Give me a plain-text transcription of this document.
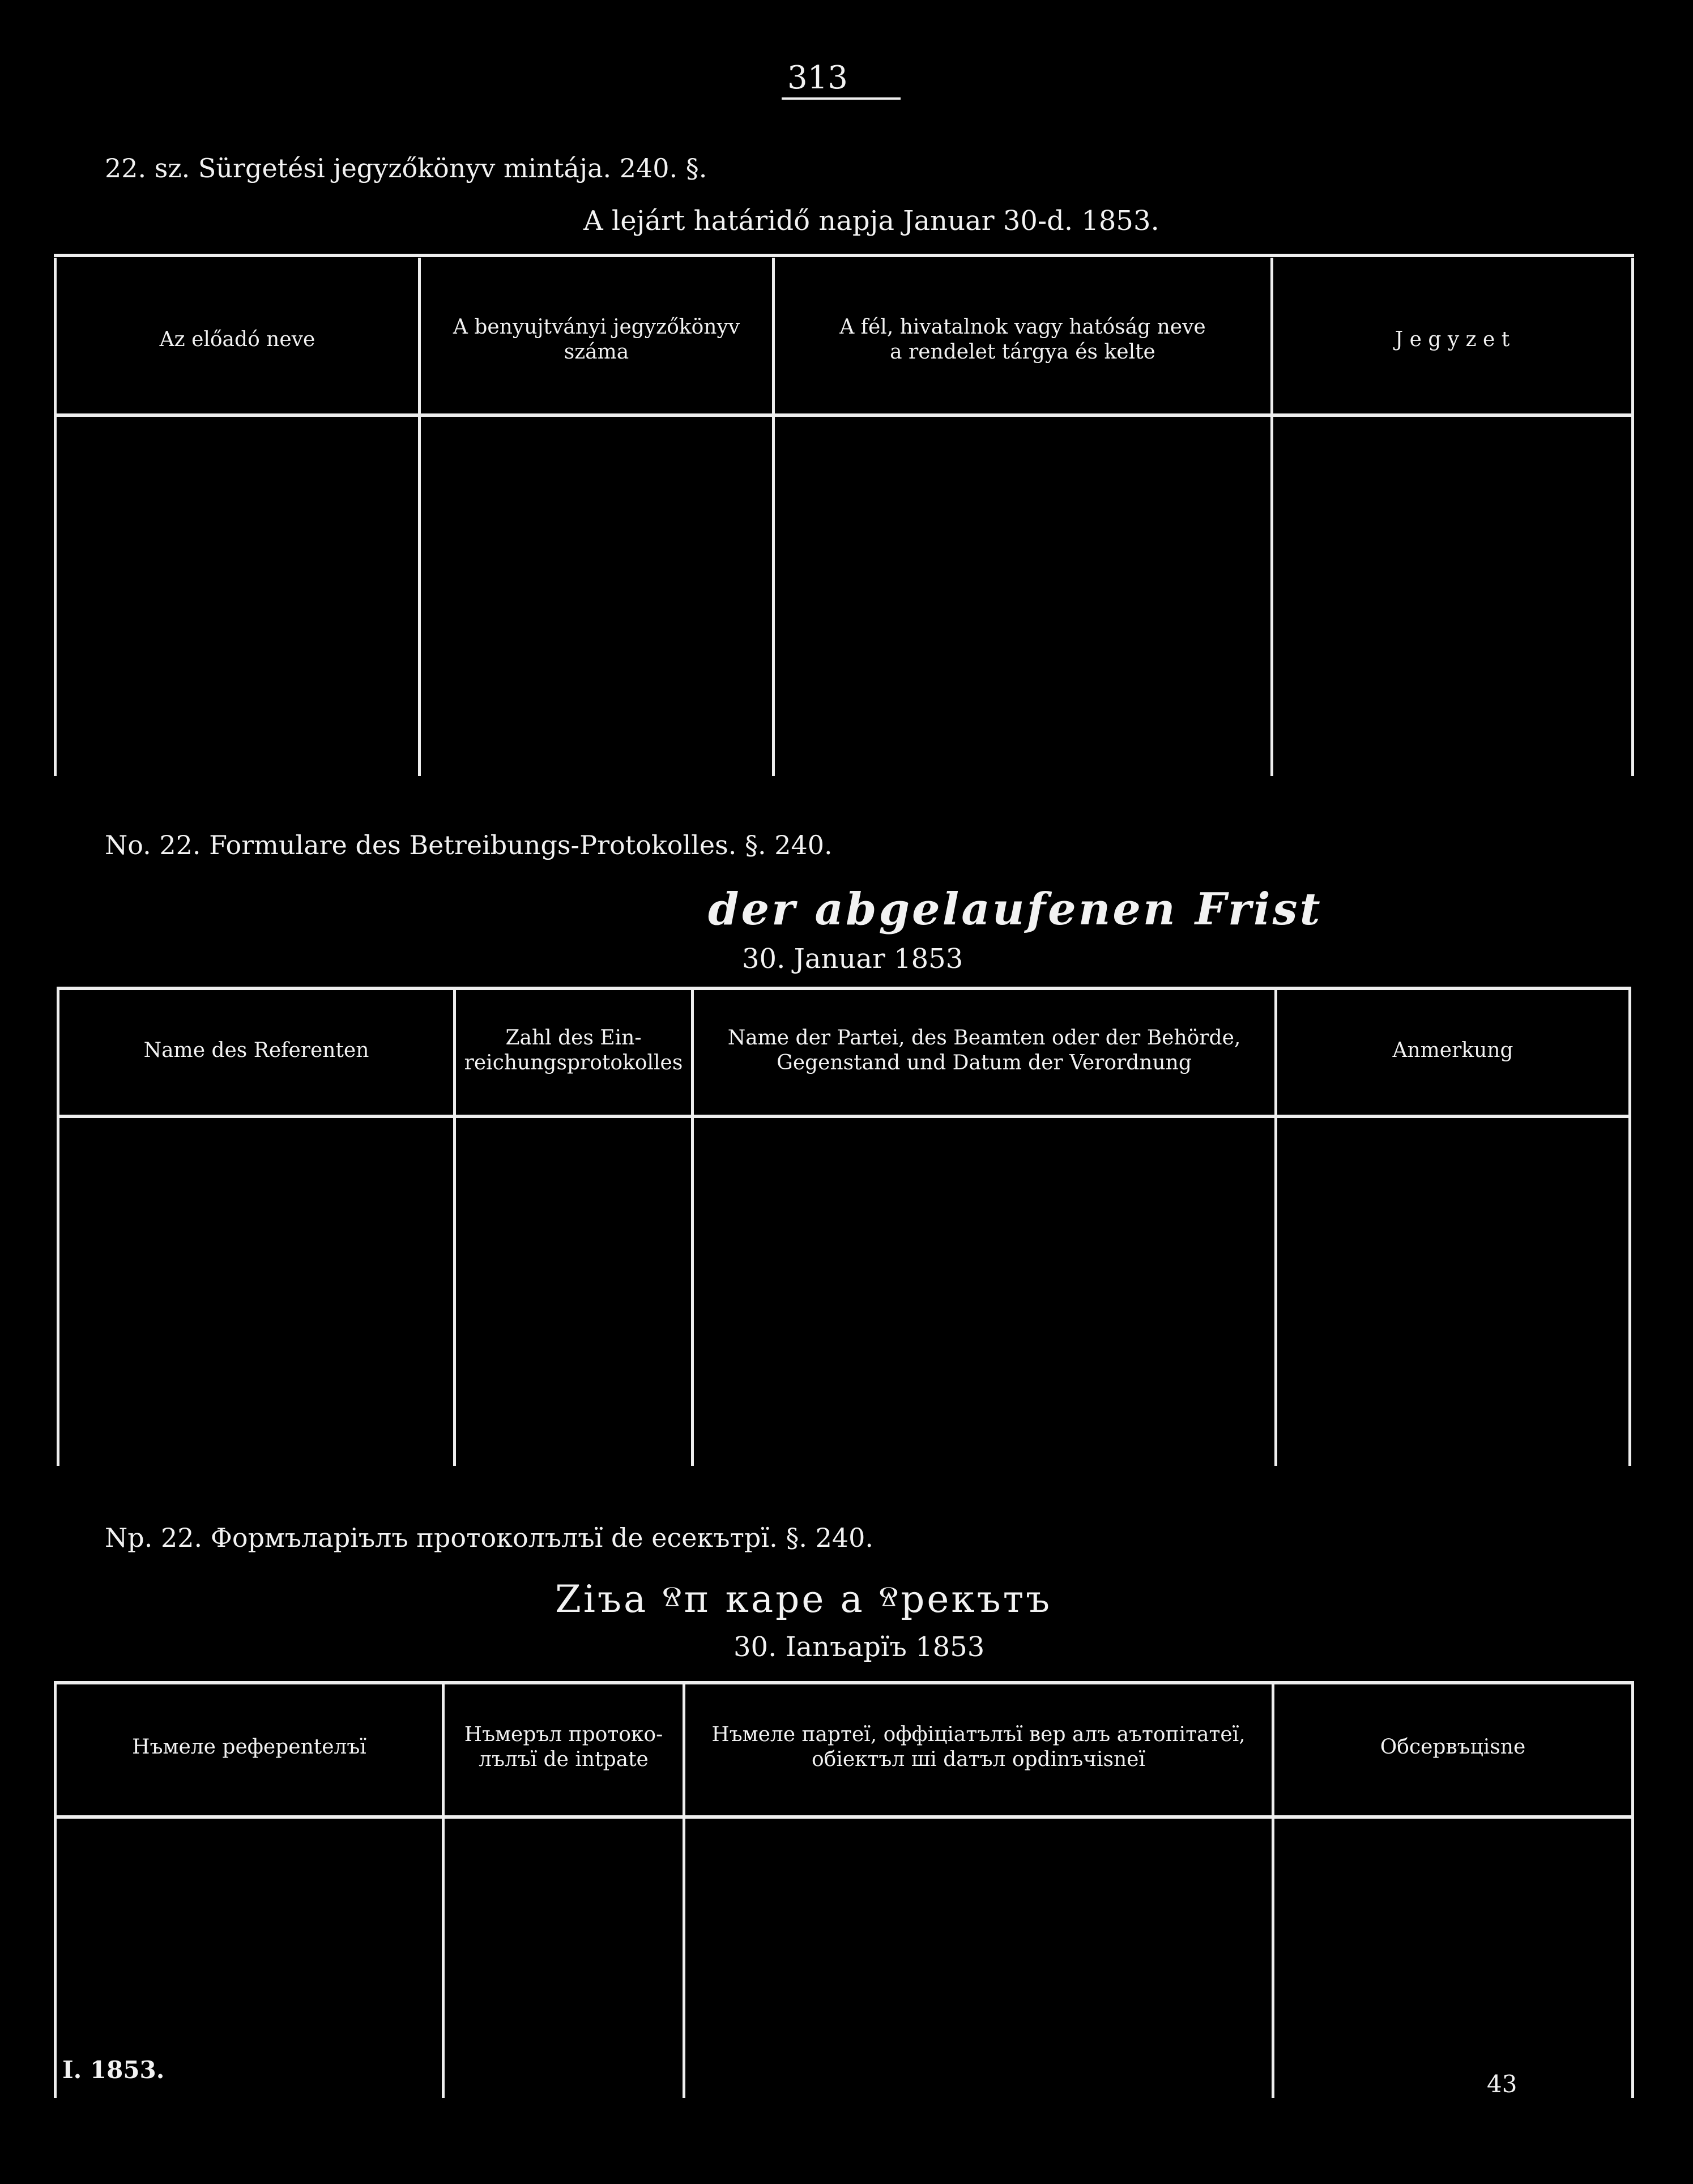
313
22. sz. Sürgetési jegyzőkönyv mintája. 240. §.
A lejárt határidő napja Januar 30-d. 1853.
Az előadó neve
A benyujtványi jegyzőkönyv
száma
A fél, hivatalnok vagy hatóság neve
a rendelet tárgya és kelte
J e g y z e t
No. 22. Formulare des Betreibungs-Protokolles. §. 240.
der abgelaufenen Frist
30. Januar 1853
Name des Referenten
Zahl des Ein-
reichungsprotokolles
Name der Partei, des Beamten oder der Behörde,
Gegenstand und Datum der Verordnung
Anmerkung
Np. 22. Формъларіълъ протоколълъї de есекътрї. §. 240.
Ziъa ⱄп каре а ⱄрекътъ
30. Ianъapїъ 1853
Нъмеле рефереnteлъї
Нъмеръл протоко-
лълъї de intpate
Нъмеле партеї, оффіціатълъї вер алъ аътопітатеї,
обіектъл ші dатъл орdinъчіsneї
Обсервъціsne
I. 1853.
43
